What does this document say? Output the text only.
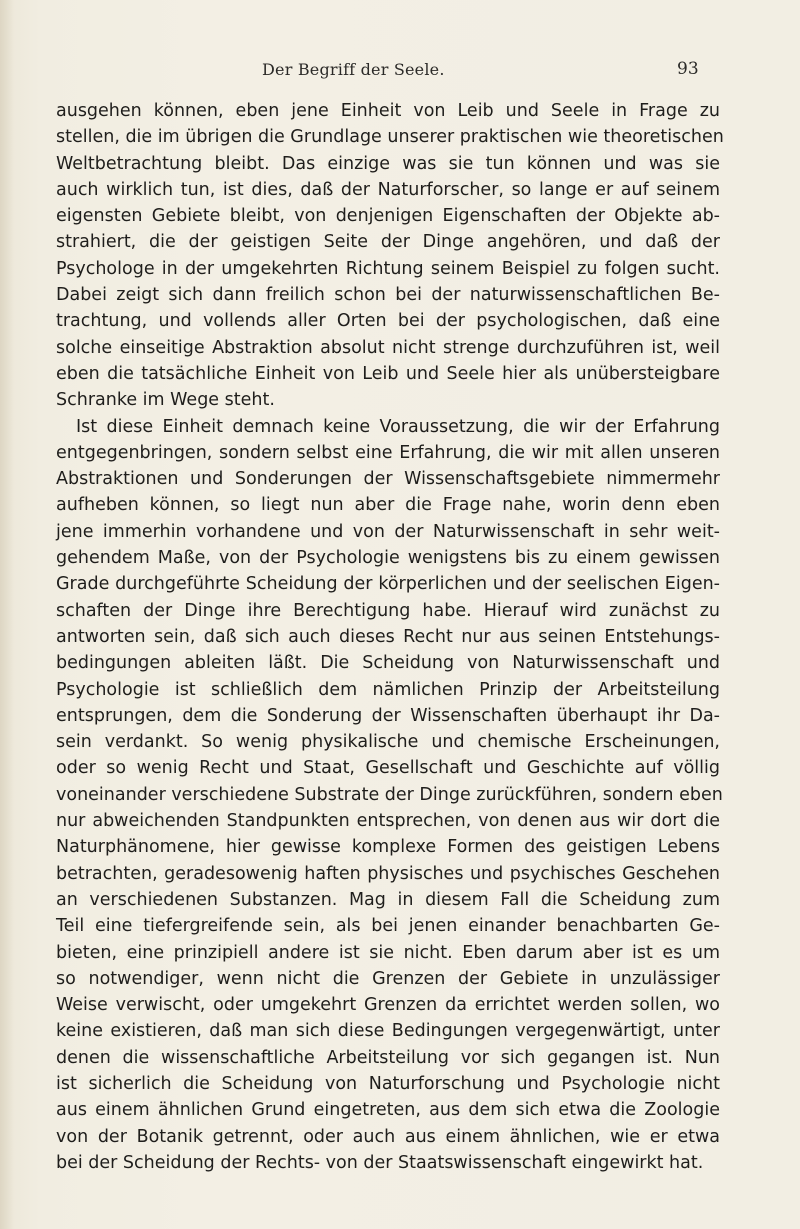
Der Begriff der Seele.	93
ausgehen können, eben jene Einheit von Leib und Seele in Frage zu
stellen, die im übrigen die Grundlage unserer praktischen wie theoretischen
Weltbetrachtung bleibt. Das einzige was sie tun können und was sie
auch wirklich tun, ist dies, daß der Naturforscher, so lange er auf seinem
eigensten Gebiete bleibt, von denjenigen Eigenschaften der Objekte ab-
strahiert, die der geistigen Seite der Dinge angehören, und daß der
Psychologe in der umgekehrten Richtung seinem Beispiel zu folgen sucht.
Dabei zeigt sich dann freilich schon bei der naturwissenschaftlichen Be-
trachtung, und vollends aller Orten bei der psychologischen, daß eine
solche einseitige Abstraktion absolut nicht strenge durchzuführen ist, weil
eben die tatsächliche Einheit von Leib und Seele hier als unübersteigbare
Schranke im Wege steht.
Ist diese Einheit demnach keine Voraussetzung, die wir der Erfahrung
entgegenbringen, sondern selbst eine Erfahrung, die wir mit allen unseren
Abstraktionen und Sonderungen der Wissenschaftsgebiete nimmermehr
aufheben können, so liegt nun aber die Frage nahe, worin denn eben
jene immerhin vorhandene und von der Naturwissenschaft in sehr weit-
gehendem Maße, von der Psychologie wenigstens bis zu einem gewissen
Grade durchgeführte Scheidung der körperlichen und der seelischen Eigen-
schaften der Dinge ihre Berechtigung habe. Hierauf wird zunächst zu
antworten sein, daß sich auch dieses Recht nur aus seinen Entstehungs-
bedingungen ableiten läßt. Die Scheidung von Naturwissenschaft und
Psychologie ist schließlich dem nämlichen Prinzip der Arbeitsteilung
entsprungen, dem die Sonderung der Wissenschaften überhaupt ihr Da-
sein verdankt. So wenig physikalische und chemische Erscheinungen,
oder so wenig Recht und Staat, Gesellschaft und Geschichte auf völlig
voneinander verschiedene Substrate der Dinge zurückführen, sondern eben
nur abweichenden Standpunkten entsprechen, von denen aus wir dort die
Naturphänomene, hier gewisse komplexe Formen des geistigen Lebens
betrachten, geradesowenig haften physisches und psychisches Geschehen
an verschiedenen Substanzen. Mag in diesem Fall die Scheidung zum
Teil eine tiefergreifende sein, als bei jenen einander benachbarten Ge-
bieten, eine prinzipiell andere ist sie nicht. Eben darum aber ist es um
so notwendiger, wenn nicht die Grenzen der Gebiete in unzulässiger
Weise verwischt, oder umgekehrt Grenzen da errichtet werden sollen, wo
keine existieren, daß man sich diese Bedingungen vergegenwärtigt, unter
denen die wissenschaftliche Arbeitsteilung vor sich gegangen ist. Nun
ist sicherlich die Scheidung von Naturforschung und Psychologie nicht
aus einem ähnlichen Grund eingetreten, aus dem sich etwa die Zoologie
von der Botanik getrennt, oder auch aus einem ähnlichen, wie er etwa
bei der Scheidung der Rechts- von der Staatswissenschaft eingewirkt hat.
